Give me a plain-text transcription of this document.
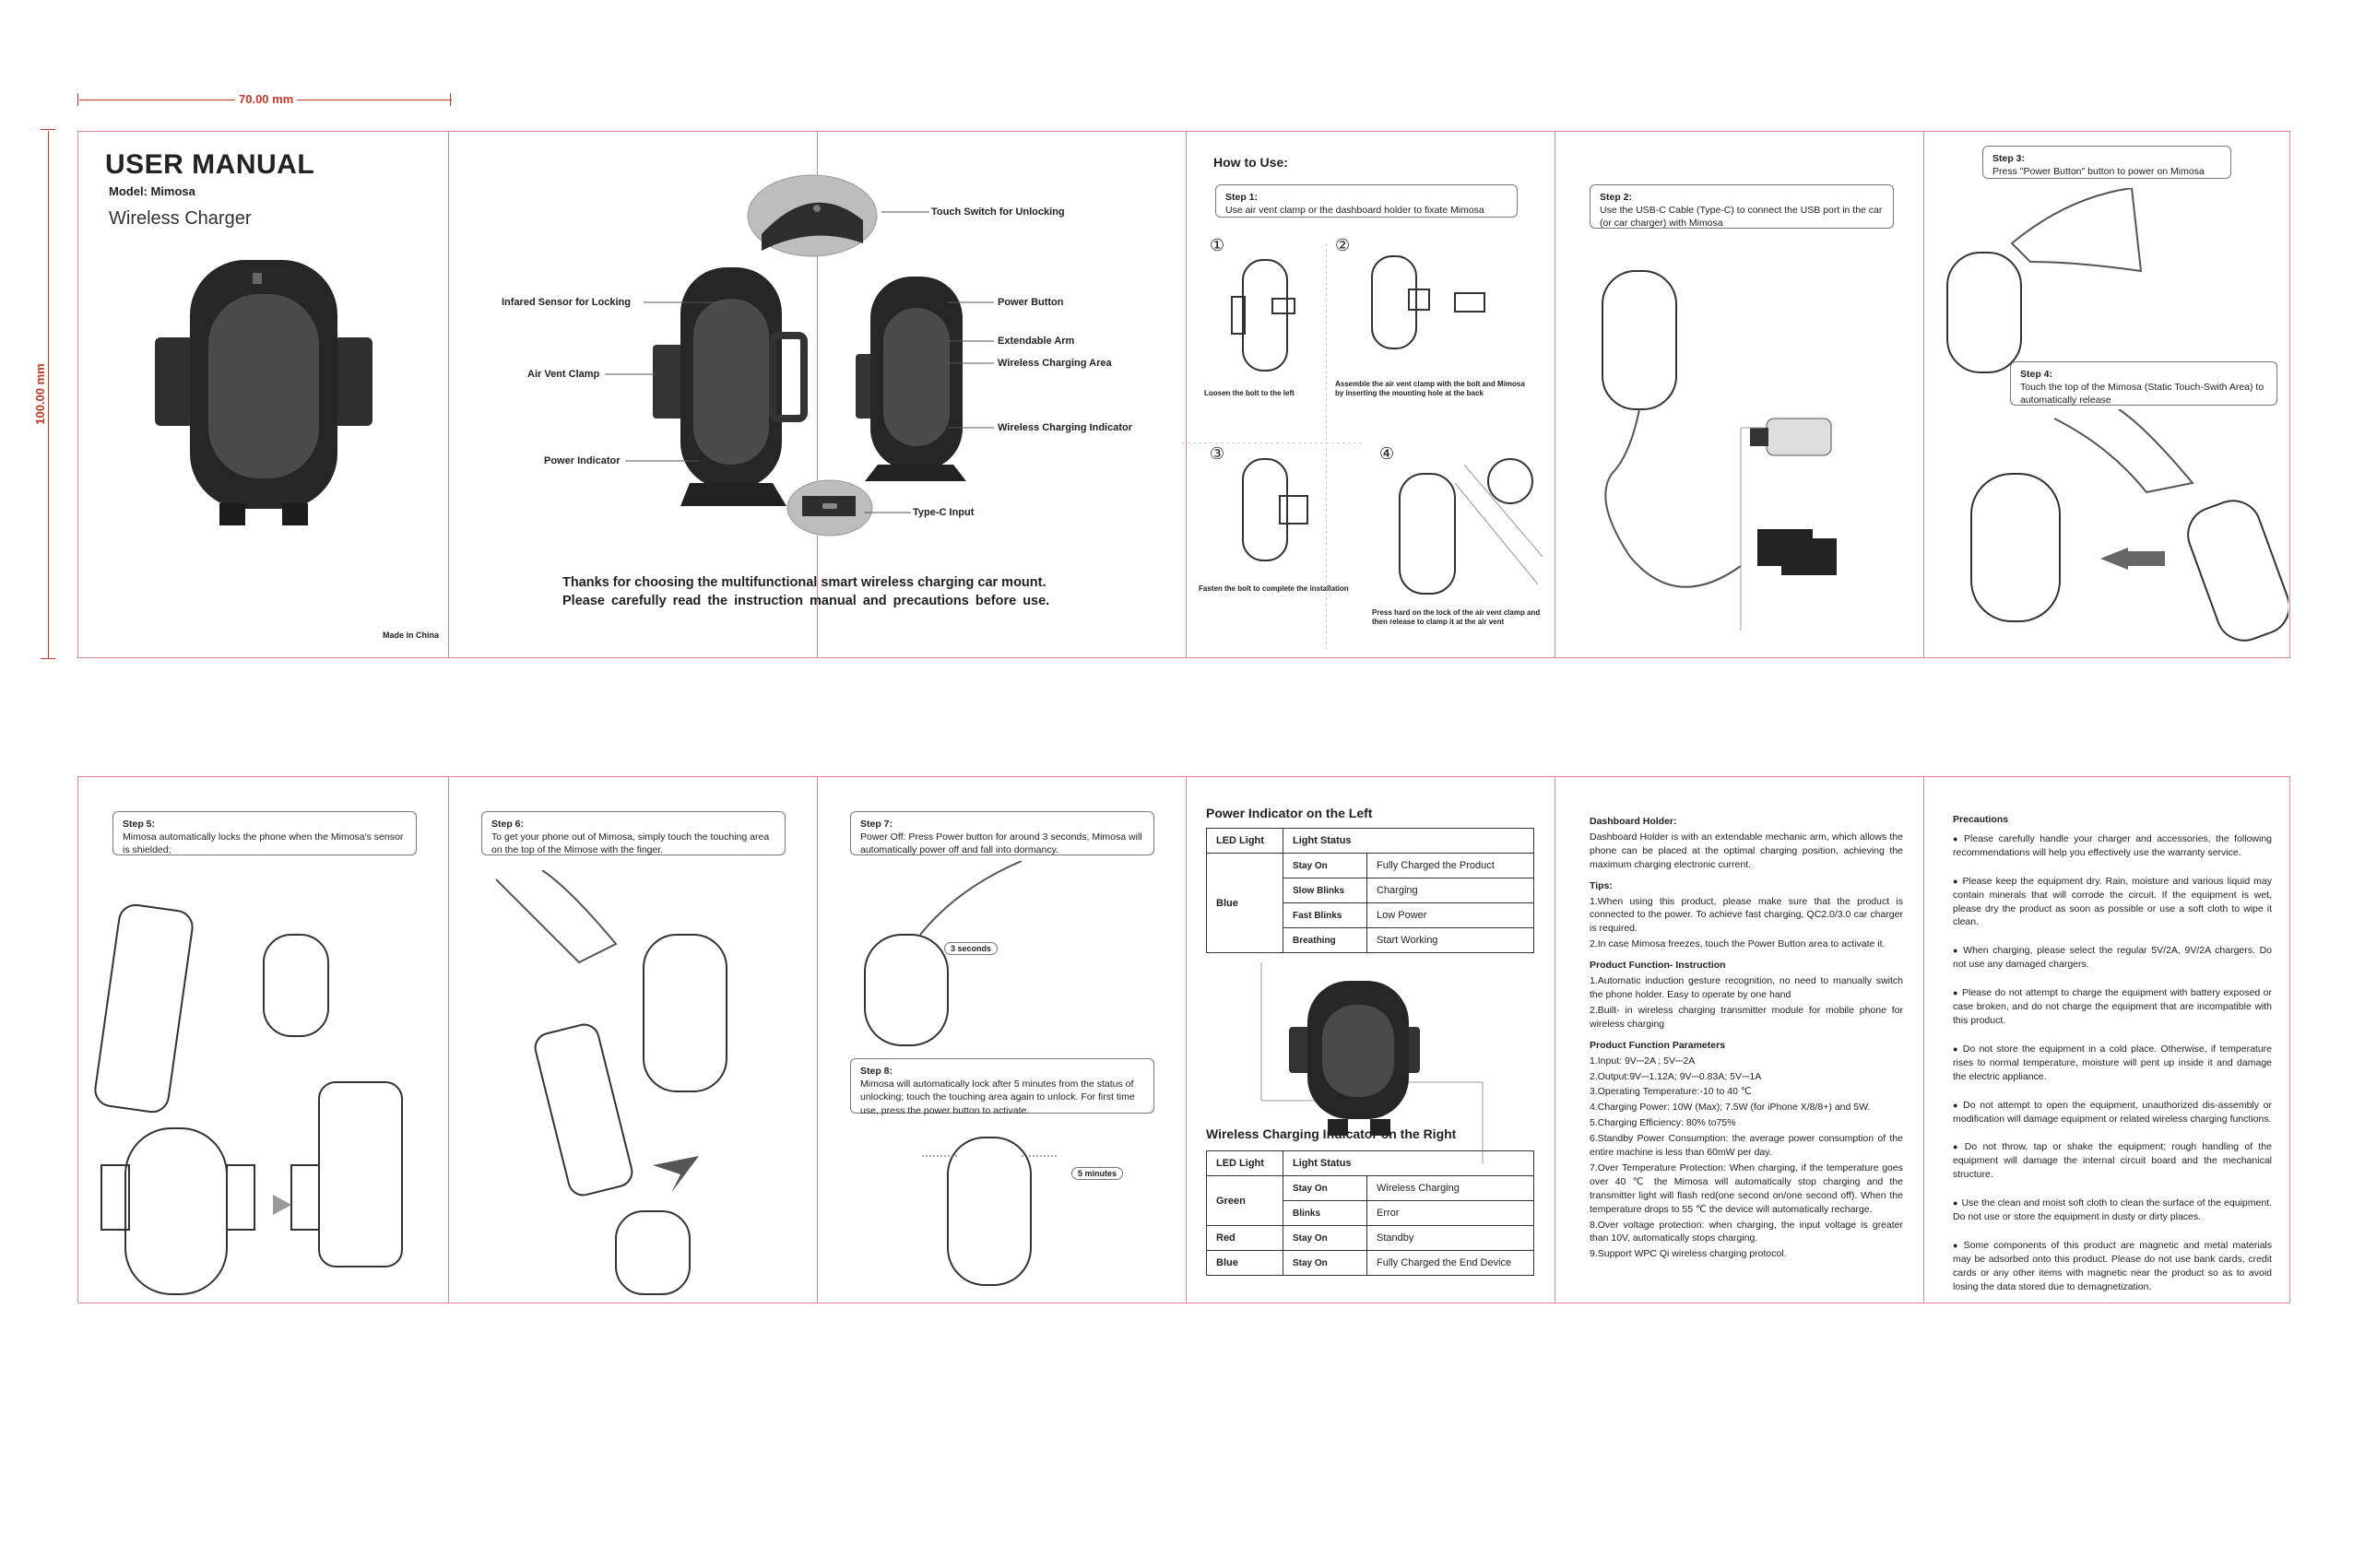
70.00 mm
100.00 mm
USER MANUAL
Model: Mimosa
Wireless Charger
Made in China
Touch Switch for Unlocking
Infared Sensor for Locking
Air Vent Clamp
Power Indicator
Power Button
Extendable Arm
Wireless Charging Area
Wireless Charging Indicator
Type-C Input
Thanks for choosing the multifunctional smart wireless charging car mount.
Please carefully read the instruction manual and precautions before use.
How to Use:
Step 1:
Use air vent clamp or the dashboard holder to fixate Mimosa
①	②
③	④
Loosen the bolt to the left
Assemble the air vent clamp with the bolt and Mimosa by inserting the mounting hole at the back
Fasten the bolt to complete the installation
Press hard on the lock of the air vent clamp and then release to clamp it at the air vent
Step 2:
Use the USB-C Cable (Type-C) to connect the USB port in the car (or car charger) with Mimosa
Step 3:
Press "Power Button" button to power on Mimosa
Step 4:
Touch the top of the Mimosa (Static Touch-Swith Area) to automatically release
Step 5:
Mimosa automatically locks the phone when the Mimosa's sensor is shielded;
Step 6:
To get your phone out of Mimosa, simply touch the touching area on the top of the Mimose with the finger.
Step 7:
Power Off: Press Power button for around 3 seconds, Mimosa will automatically power off and fall into dormancy.
3 seconds
Step 8:
Mimosa will automatically lock after 5 minutes from the status of unlocking; touch the touching area again to unlock. For first time use, press the power button to activate.
5 minutes
Power Indicator on the Left
LED Light	Light Status	
Blue	Stay On	Fully Charged the Product
	Slow Blinks	Charging
	Fast Blinks	Low Power
	Breathing	Start Working
Wireless Charging Indicator on the Right
LED Light	Light Status	
Green	Stay On	Wireless Charging
	Blinks	Error
Red	Stay On	Standby
Blue	Stay On	Fully Charged the End Device

Dashboard Holder:

Dashboard Holder is with an extendable mechanic arm, which allows the phone can be placed at the optimal charging position, achieving the maximum charging electronic current.

Tips:

1.When using this product, please make sure that the product is connected to the power. To achieve fast charging, QC2.0/3.0 car charger is required.

2.In case Mimosa freezes, touch the Power Button area to activate it.

Product Function- Instruction

1.Automatic induction gesture recognition, no need to manually switch the phone holder. Easy to operate by one hand

2.Built- in wireless charging transmitter module for mobile phone for wireless charging

Product Function Parameters

1.Input: 9V⎓2A ; 5V⎓2A

2.Output:9V⎓1.12A; 9V⎓0.83A; 5V⎓1A

3.Operating Temperature:-10 to 40 ℃

4.Charging Power: 10W (Max); 7.5W (for iPhone X/8/8+) and 5W.

5.Charging Efficiency: 80% to75%

6.Standby Power Consumption: the average power consumption of the entire machine is less than 60mW per day.

7.Over Temperature Protection: When charging, if the temperature goes over 40 ℃ the Mimosa will automatically stop charging and the transmitter light will flash red(one second on/one second off). When the temperature drops to 55 ℃ the device will automatically recharge.

8.Over voltage protection: when charging, the input voltage is greater than 10V, automatically stops charging.

9.Support WPC Qi wireless charging protocol.

Precautions

● Please carefully handle your charger and accessories, the following recommendations will help you effectively use the warranty service.
● Please keep the equipment dry. Rain, moisture and various liquid may contain minerals that will corrode the circuit. If the equipment is wet, please dry the product as soon as possible or use a soft cloth to wipe it clean.
● When charging, please select the regular 5V/2A, 9V/2A chargers. Do not use any damaged chargers.
● Please do not attempt to charge the equipment with battery exposed or case broken, and do not charge the equipment that are incompatible with this product.
● Do not store the equipment in a cold place. Otherwise, if temperature rises to normal temperature, moisture will pent up inside it and damage the electric appliance.
● Do not attempt to open the equipment, unauthorized dis-assembly or modification will damage equipment or related wireless charging functions.
● Do not throw, tap or shake the equipment; rough handling of the equipment will damage the internal circuit board and the mechanical structure.
● Use the clean and moist soft cloth to clean the surface of the equipment. Do not use or store the equipment in dusty or dirty places.
● Some components of this product are magnetic and metal materials may be adsorbed onto this product. Please do not use bank cards, credit cards or any other items with magnetic near the product so as to avoid losing the data stored due to demagnetization.
